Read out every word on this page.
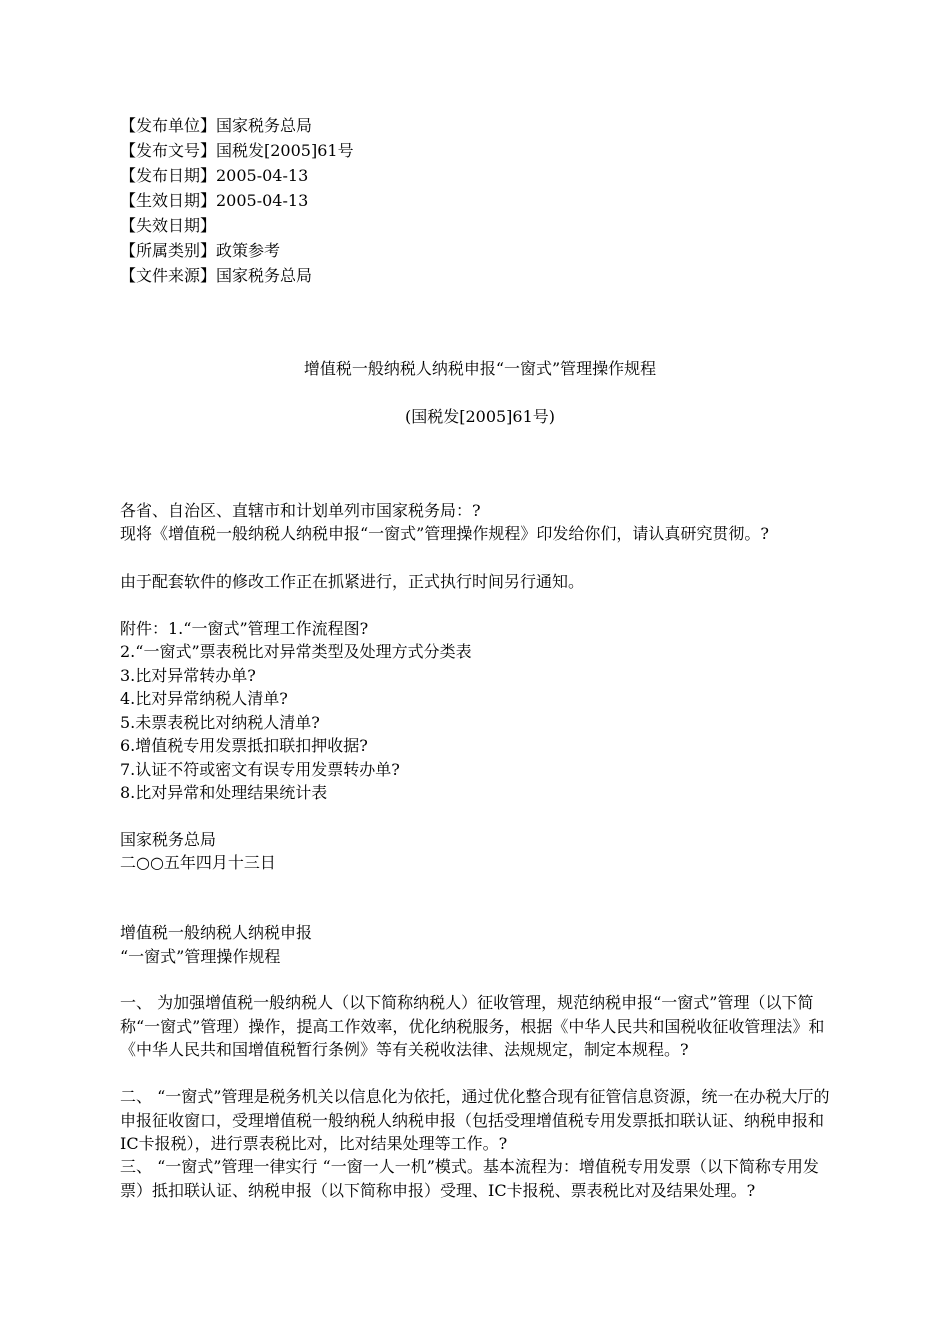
【发布单位】国家税务总局
【发布文号】国税发[2005]61号
【发布日期】2005-04-13
【生效日期】2005-04-13
【失效日期】
【所属类别】政策参考
【文件来源】国家税务总局
增值税一般纳税人纳税申报“一窗式”管理操作规程
(国税发[2005]61号)
各省、自治区、直辖市和计划单列市国家税务局：?
现将《增值税一般纳税人纳税申报“一窗式”管理操作规程》印发给你们，请认真研究贯彻。?
由于配套软件的修改工作正在抓紧进行，正式执行时间另行通知。
附件：1.“一窗式”管理工作流程图?
2.“一窗式”票表税比对异常类型及处理方式分类表
3.比对异常转办单?
4.比对异常纳税人清单?
5.未票表税比对纳税人清单?
6.增值税专用发票抵扣联扣押收据?
7.认证不符或密文有误专用发票转办单?
8.比对异常和处理结果统计表
国家税务总局
二○○五年四月十三日
增值税一般纳税人纳税申报
“一窗式”管理操作规程
一、 为加强增值税一般纳税人（以下简称纳税人）征收管理，规范纳税申报“一窗式”管理（以下简称“一窗式”管理）操作，提高工作效率，优化纳税服务，根据《中华人民共和国税收征收管理法》和《中华人民共和国增值税暂行条例》等有关税收法律、法规规定，制定本规程。?
二、 “一窗式”管理是税务机关以信息化为依托，通过优化整合现有征管信息资源，统一在办税大厅的申报征收窗口，受理增值税一般纳税人纳税申报（包括受理增值税专用发票抵扣联认证、纳税申报和IC卡报税），进行票表税比对，比对结果处理等工作。?
三、 “一窗式”管理一律实行 “一窗一人一机”模式。基本流程为：增值税专用发票（以下简称专用发票）抵扣联认证、纳税申报（以下简称申报）受理、IC卡报税、票表税比对及结果处理。?
